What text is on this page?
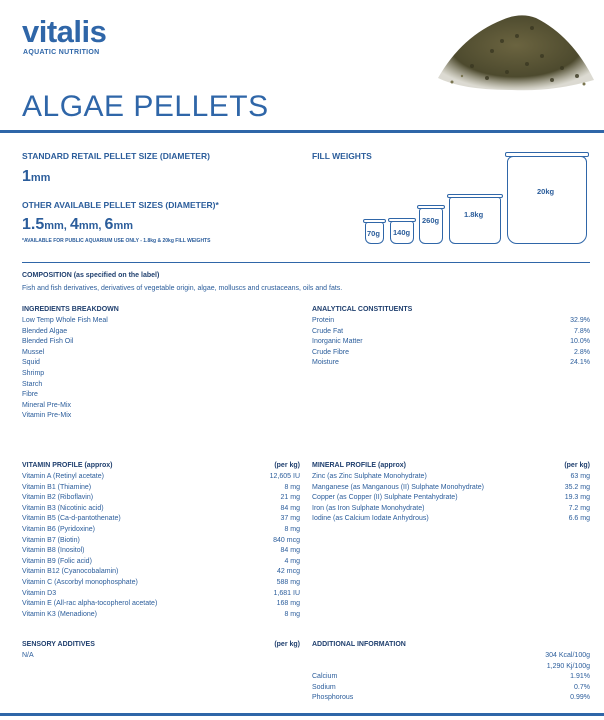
vitalis
AQUATIC NUTRITION
ALGAE PELLETS
STANDARD RETAIL PELLET SIZE (DIAMETER)
1mm
OTHER AVAILABLE PELLET SIZES (DIAMETER)*
1.5mm, 4mm, 6mm
*AVAILABLE FOR PUBLIC AQUARIUM USE ONLY - 1.8kg & 20kg FILL WEIGHTS
FILL WEIGHTS
70g 140g
260g
1.8kg
20kg
COMPOSITION (as specified on the label)
Fish and fish derivatives, derivatives of vegetable origin, algae, molluscs and crustaceans, oils and fats.
INGREDIENTS BREAKDOWN
Low Temp Whole Fish Meal
Blended Algae
Blended Fish Oil
Mussel
Squid
Shrimp
Starch
Fibre
Mineral Pre-Mix
Vitamin Pre-Mix
ANALYTICAL CONSTITUENTS
Protein	32.9%
Crude Fat	7.8%
Inorganic Matter	10.0%
Crude Fibre	2.8%
Moisture	24.1%
VITAMIN PROFILE (approx)	(per kg)
Vitamin A (Retinyl acetate)	12,605 IU
Vitamin B1 (Thiamine)	8 mg
Vitamin B2 (Riboflavin)	21 mg
Vitamin B3 (Nicotinic acid)	84 mg
Vitamin B5 (Ca-d-pantothenate)	37 mg
Vitamin B6 (Pyridoxine)	8 mg
Vitamin B7 (Biotin)	840 mcg
Vitamin B8 (Inositol)	84 mg
Vitamin B9 (Folic acid)	4 mg
Vitamin B12 (Cyanocobalamin)	42 mcg
Vitamin C (Ascorbyl monophosphate)	588 mg
Vitamin D3	1,681 IU
Vitamin E (All-rac alpha-tocopherol acetate)	168 mg
Vitamin K3 (Menadione)	8 mg
MINERAL PROFILE (approx)	(per kg)
Zinc (as Zinc Sulphate Monohydrate)	63 mg
Manganese (as Manganous (II) Sulphate Monohydrate)	35.2 mg
Copper (as Copper (II) Sulphate Pentahydrate)	19.3 mg
Iron (as Iron Sulphate Monohydrate)	7.2 mg
Iodine (as Calcium Iodate Anhydrous)	6.6 mg
SENSORY ADDITIVES	(per kg)
N/A
ADDITIONAL INFORMATION
304 Kcal/100g
1,290 Kj/100g
Calcium	1.91%
Sodium	0.7%
Phosphorous	0.99%
